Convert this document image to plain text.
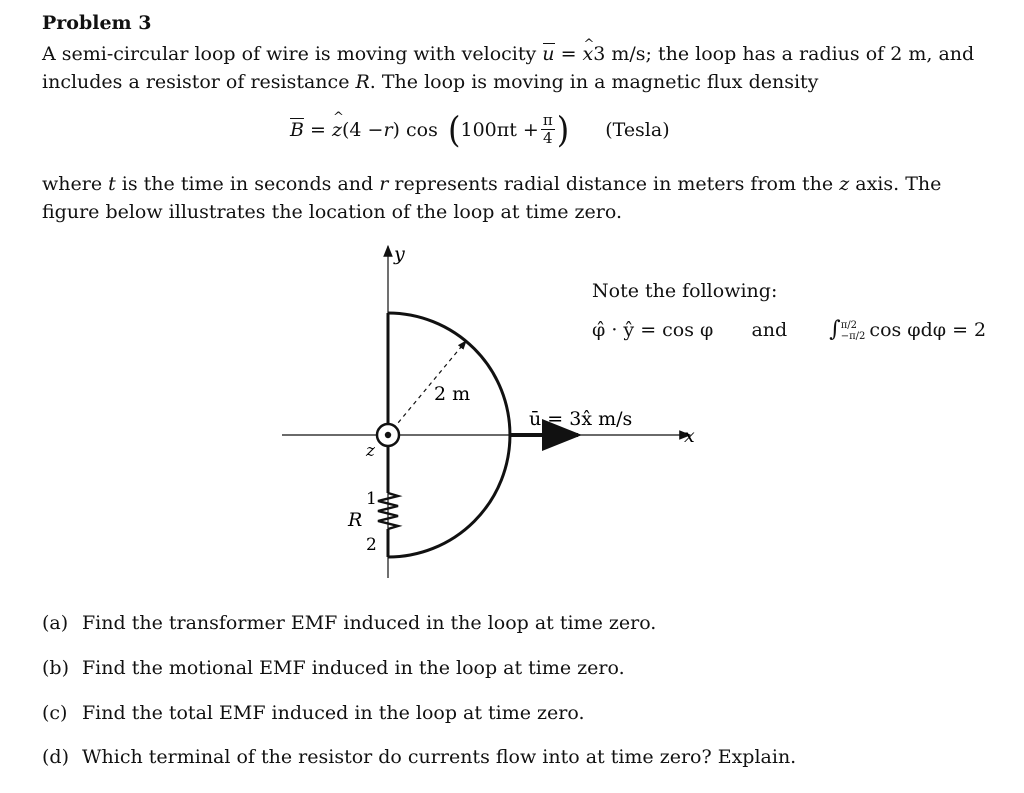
Problem 3
A semi-circular loop of wire is moving with velocity u = x ^3 m/s; the loop has a radius of 2 m, and includes a resistor of resistance R. The loop is moving in a magnetic flux density
$\overline{B} = z$ ^ (4 − r ) cos ( $100\pi t + \frac{\pi}{4}$ ) (Tesla)
where t is the time in seconds and r represents radial distance in meters from the z axis. The figure below illustrates the location of the loop at time zero.
y
x
z
2 m
ū = 3x̂ m/s
1
R
2
Note the following:
φ̂ · ŷ = cos φ and ∫ π/2
−π/2 cos φdφ = 2
(a) Find the transformer EMF induced in the loop at time zero.
(b) Find the motional EMF induced in the loop at time zero.
(c) Find the total EMF induced in the loop at time zero.
(d) Which terminal of the resistor do currents flow into at time zero? Explain.
